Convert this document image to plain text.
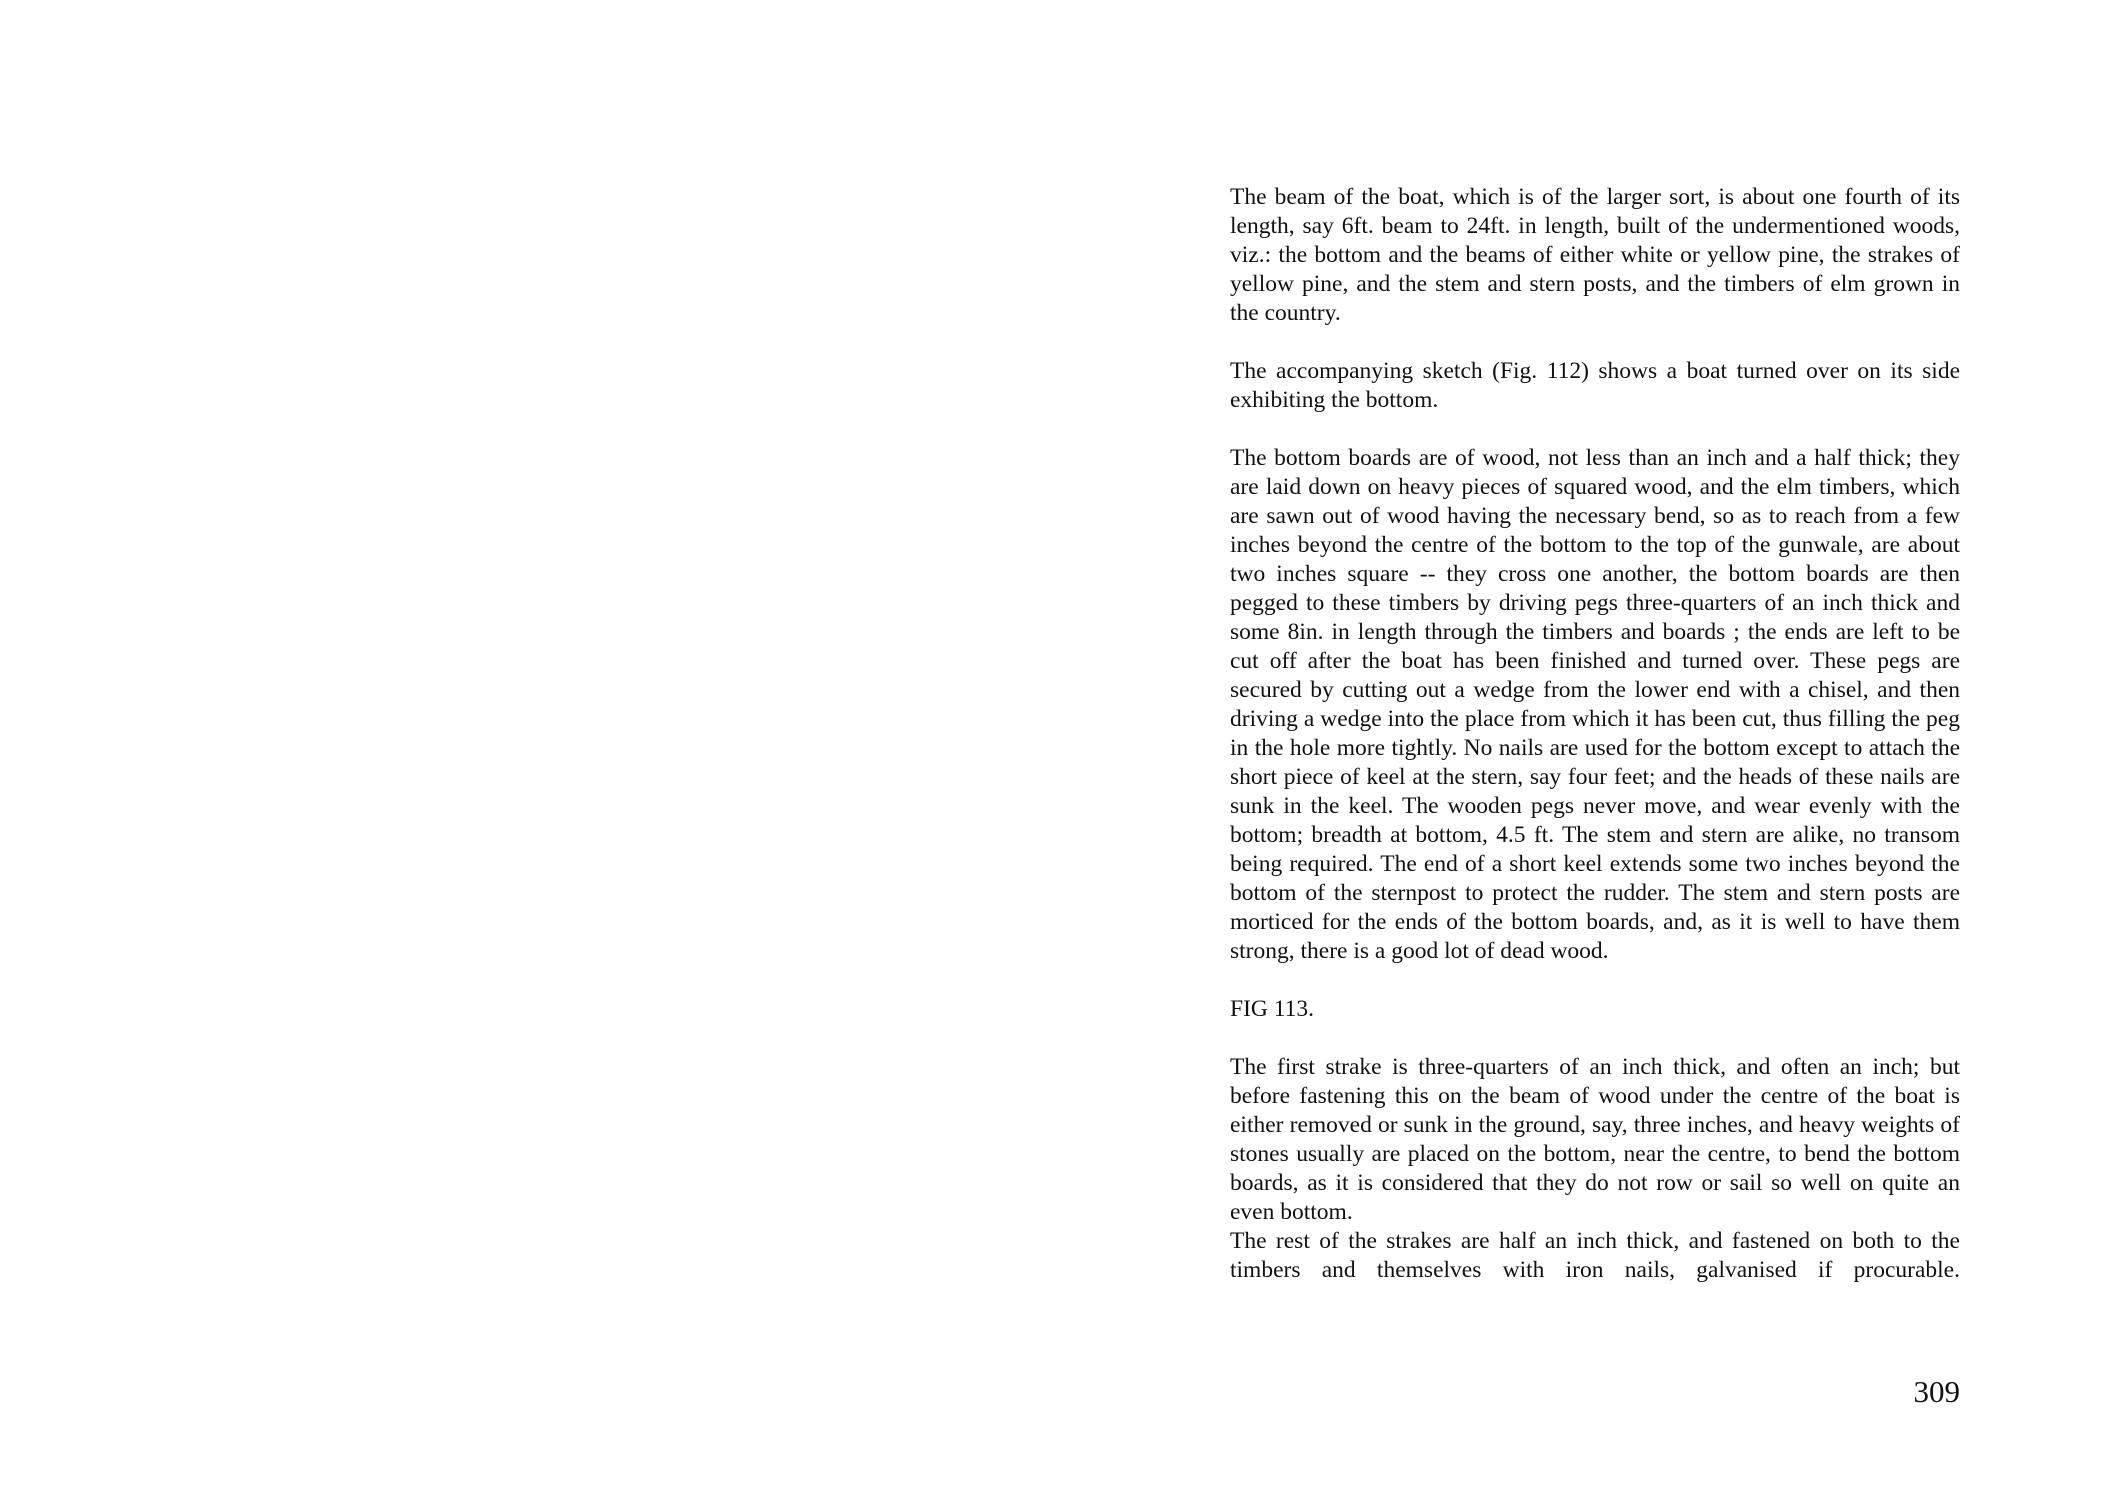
The beam of the boat, which is of the larger sort, is about one fourth of its length, say 6ft. beam to 24ft. in length, built of the undermentioned woods, viz.: the bottom and the beams of either white or yellow pine, the strakes of yellow pine, and the stem and stern posts, and the timbers of elm grown in the country.

The accompanying sketch (Fig. 112) shows a boat turned over on its side exhibiting the bottom.

The bottom boards are of wood, not less than an inch and a half thick; they are laid down on heavy pieces of squared wood, and the elm timbers, which are sawn out of wood having the necessary bend, so as to reach from a few inches beyond the centre of the bottom to the top of the gunwale, are about two inches square -- they cross one another, the bottom boards are then pegged to these timbers by driving pegs three-quarters of an inch thick and some 8in. in length through the timbers and boards ; the ends are left to be cut off after the boat has been finished and turned over. These pegs are secured by cutting out a wedge from the lower end with a chisel, and then driving a wedge into the place from which it has been cut, thus filling the peg in the hole more tightly. No nails are used for the bottom except to attach the short piece of keel at the stern, say four feet; and the heads of these nails are sunk in the keel. The wooden pegs never move, and wear evenly with the bottom; breadth at bottom, 4.5 ft. The stem and stern are alike, no transom being required. The end of a short keel extends some two inches beyond the bottom of the sternpost to protect the rudder. The stem and stern posts are morticed for the ends of the bottom boards, and, as it is well to have them strong, there is a good lot of dead wood.

FIG 113.

The first strake is three-quarters of an inch thick, and often an inch; but before fastening this on the beam of wood under the centre of the boat is either removed or sunk in the ground, say, three inches, and heavy weights of stones usually are placed on the bottom, near the centre, to bend the bottom boards, as it is considered that they do not row or sail so well on quite an even bottom.

The rest of the strakes are half an inch thick, and fastened on both to the timbers and themselves with iron nails, galvanised if procurable.

309
